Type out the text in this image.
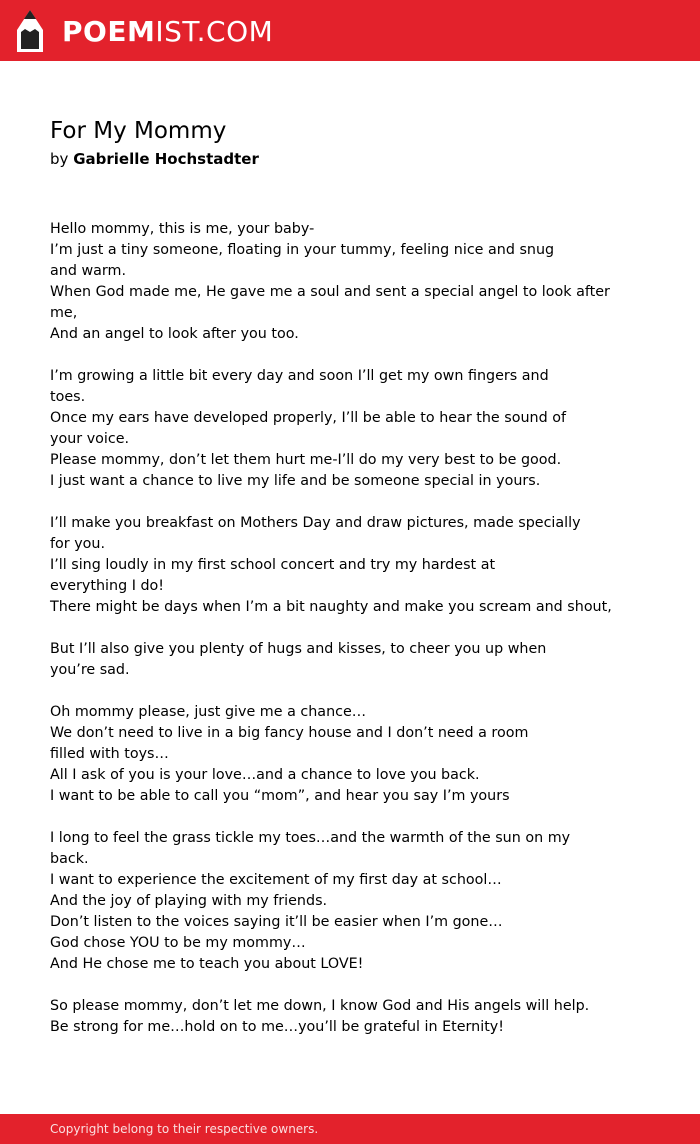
POEMIST.COM
For My Mommy
by Gabrielle Hochstadter
Hello mommy, this is me, your baby-
I’m just a tiny someone, floating in your tummy, feeling nice and snug
and warm.
When God made me, He gave me a soul and sent a special angel to look after
me,
And an angel to look after you too.
I’m growing a little bit every day and soon I’ll get my own fingers and
toes.
Once my ears have developed properly, I’ll be able to hear the sound of
your voice.
Please mommy, don’t let them hurt me-I’ll do my very best to be good.
I just want a chance to live my life and be someone special in yours.
I’ll make you breakfast on Mothers Day and draw pictures, made specially
for you.
I’ll sing loudly in my first school concert and try my hardest at
everything I do!
There might be days when I’m a bit naughty and make you scream and shout,
But I’ll also give you plenty of hugs and kisses, to cheer you up when
you’re sad.
Oh mommy please, just give me a chance…
We don’t need to live in a big fancy house and I don’t need a room
filled with toys…
All I ask of you is your love…and a chance to love you back.
I want to be able to call you “mom”, and hear you say I’m yours
I long to feel the grass tickle my toes…and the warmth of the sun on my
back.
I want to experience the excitement of my first day at school…
And the joy of playing with my friends.
Don’t listen to the voices saying it’ll be easier when I’m gone…
God chose YOU to be my mommy…
And He chose me to teach you about LOVE!
So please mommy, don’t let me down, I know God and His angels will help.
Be strong for me…hold on to me…you’ll be grateful in Eternity!
Copyright belong to their respective owners.
